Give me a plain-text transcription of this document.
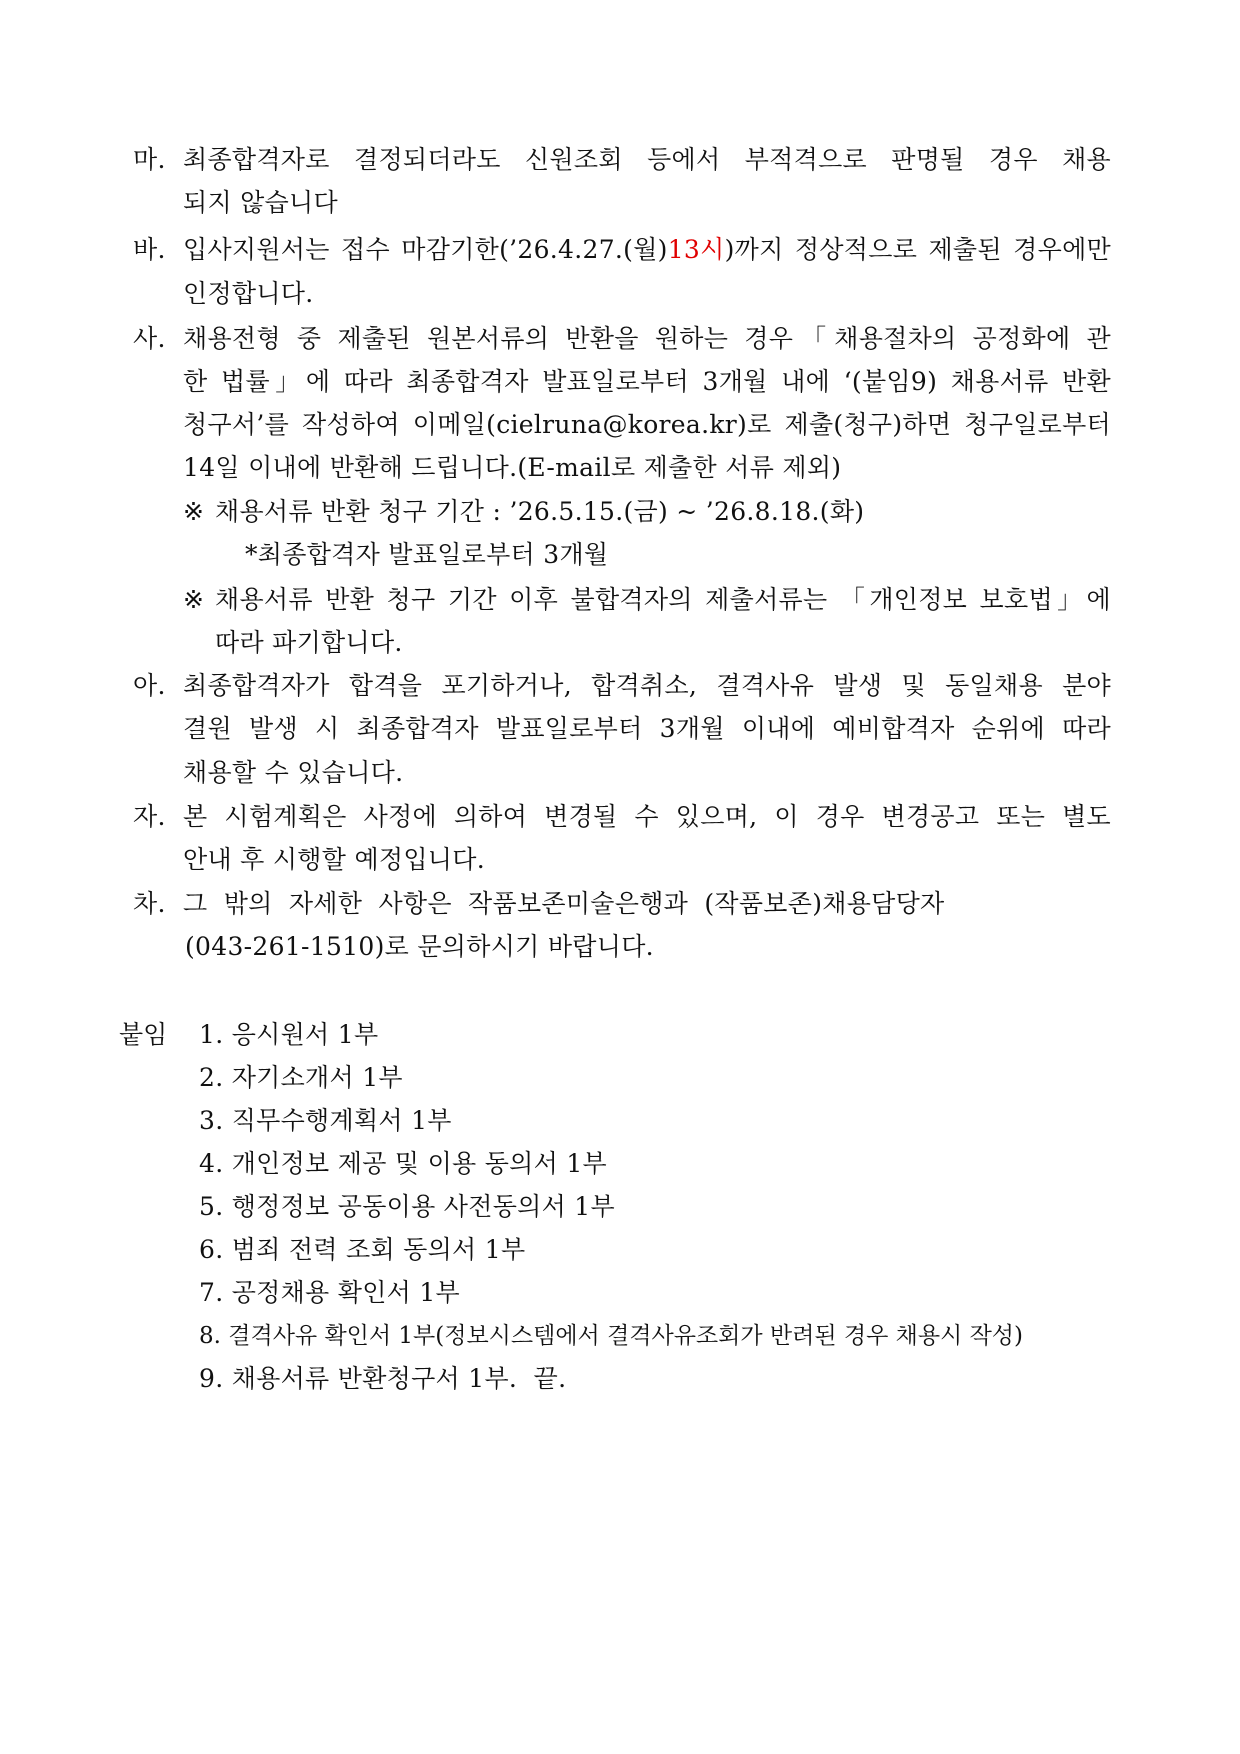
마. 최종합격자로 결정되더라도 신원조회 등에서 부적격으로 판명될 경우 채용
되지 않습니다
바. 입사지원서는 접수 마감기한(’26.4.27.(월)13시)까지 정상적으로 제출된 경우에만
인정합니다.
사. 채용전형 중 제출된 원본서류의 반환을 원하는 경우「채용절차의 공정화에 관
한 법률」에 따라 최종합격자 발표일로부터 3개월 내에 ‘(붙임9) 채용서류 반환
청구서’를 작성하여 이메일(cielruna@korea.kr)로 제출(청구)하면 청구일로부터
14일 이내에 반환해 드립니다.(E-mail로 제출한 서류 제외)
※ 채용서류 반환 청구 기간 : ’26.5.15.(금) ~ ’26.8.18.(화)
*최종합격자 발표일로부터 3개월
※ 채용서류 반환 청구 기간 이후 불합격자의 제출서류는 「개인정보 보호법」에
따라 파기합니다.
아. 최종합격자가 합격을 포기하거나, 합격취소, 결격사유 발생 및 동일채용 분야
결원 발생 시 최종합격자 발표일로부터 3개월 이내에 예비합격자 순위에 따라
채용할 수 있습니다.
자. 본 시험계획은 사정에 의하여 변경될 수 있으며, 이 경우 변경공고 또는 별도
안내 후 시행할 예정입니다.
차. 그 밖의 자세한 사항은 작품보존미술은행과 (작품보존)채용담당자
(043-261-1510)로 문의하시기 바랍니다.
붙임 1. 응시원서 1부
2. 자기소개서 1부
3. 직무수행계획서 1부
4. 개인정보 제공 및 이용 동의서 1부
5. 행정정보 공동이용 사전동의서 1부
6. 범죄 전력 조회 동의서 1부
7. 공정채용 확인서 1부
8. 결격사유 확인서 1부(정보시스템에서 결격사유조회가 반려된 경우 채용시 작성)
9. 채용서류 반환청구서 1부.  끝.
